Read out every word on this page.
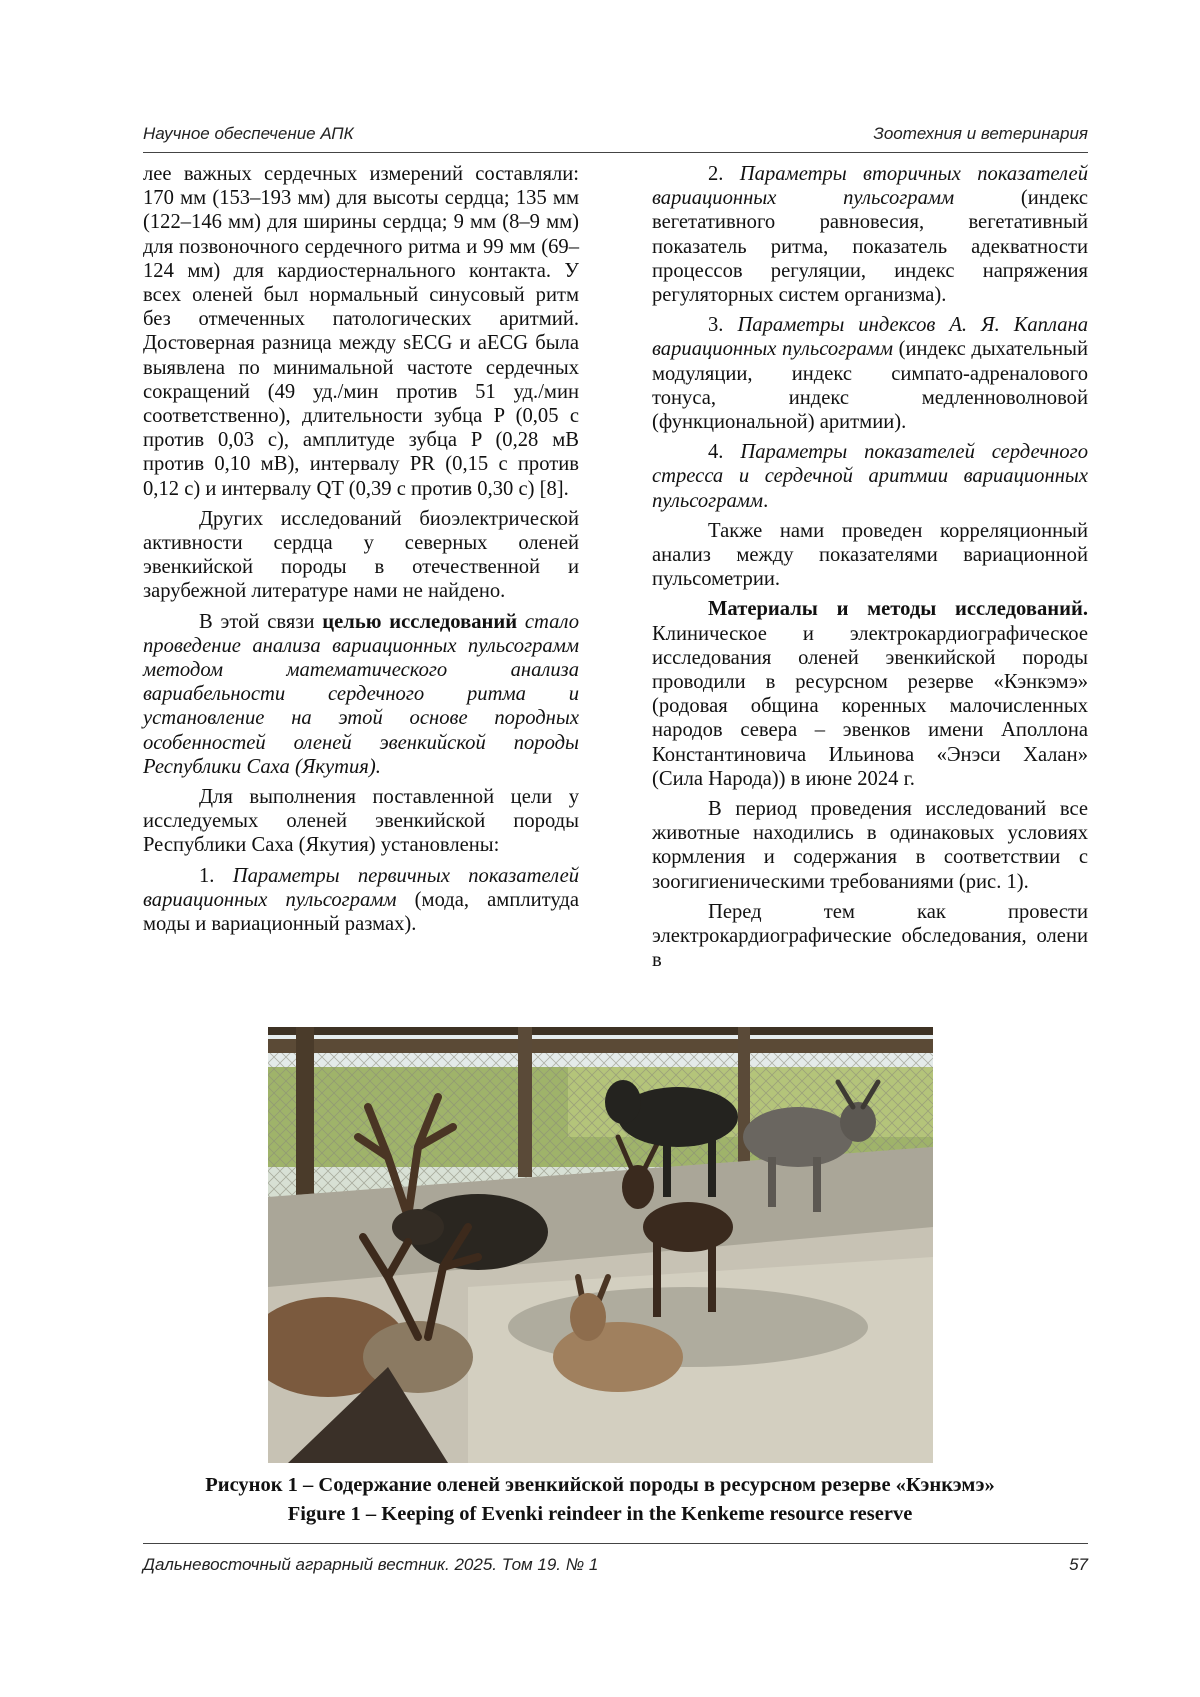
Научное обеспечение АПК	Зоотехния и ветеринария

лее важных сердечных измерений составляли: 170 мм (153–193 мм) для высоты сердца; 135 мм (122–146 мм) для ширины сердца; 9 мм (8–9 мм) для позвоночного сердечного ритма и 99 мм (69–124 мм) для кардиостернального контакта. У всех оленей был нормальный синусовый ритм без отмеченных патологических аритмий. Достоверная разница между sECG и aECG была выявлена по минимальной частоте сердечных сокращений (49 уд./мин против 51 уд./мин соответственно), длительности зубца P (0,05 с против 0,03 с), амплитуде зубца P (0,28 мВ против 0,10 мВ), интервалу PR (0,15 с против 0,12 с) и интервалу QT (0,39 с против 0,30 с) [8].

Других исследований биоэлектрической активности сердца у северных оленей эвенкийской породы в отечественной и зарубежной литературе нами не найдено.

В этой связи целью исследований стало проведение анализа вариационных пульсограмм методом математического анализа вариабельности сердечного ритма и установление на этой основе породных особенностей оленей эвенкийской породы Республики Саха (Якутия).

Для выполнения поставленной цели у исследуемых оленей эвенкийской породы Республики Саха (Якутия) установлены:

1. Параметры первичных показателей вариационных пульсограмм (мода, амплитуда моды и вариационный размах).

2. Параметры вторичных показателей вариационных пульсограмм (индекс вегетативного равновесия, вегетативный показатель ритма, показатель адекватности процессов регуляции, индекс напряжения регуляторных систем организма).

3. Параметры индексов А. Я. Каплана вариационных пульсограмм (индекс дыхательный модуляции, индекс симпато-адреналового тонуса, индекс медленноволновой (функциональной) аритмии).

4. Параметры показателей сердечного стресса и сердечной аритмии вариационных пульсограмм.

Также нами проведен корреляционный анализ между показателями вариационной пульсометрии.

Материалы и методы исследований. Клиническое и электрокардиографическое исследования оленей эвенкийской породы проводили в ресурсном резерве «Кэнкэмэ» (родовая община коренных малочисленных народов севера – эвенков имени Аполлона Константиновича Ильинова «Энэси Халан» (Сила Народа)) в июне 2024 г.

В период проведения исследований все животные находились в одинаковых условиях кормления и содержания в соответствии с зоогигиеническими требованиями (рис. 1).

Перед тем как провести электрокардиографические обследования, олени в

Рисунок 1 – Содержание оленей эвенкийской породы в ресурсном резерве «Кэнкэмэ»
Figure 1 – Keeping of Evenki reindeer in the Kenkeme resource reserve
Дальневосточный аграрный вестник. 2025. Том 19. № 1	57
